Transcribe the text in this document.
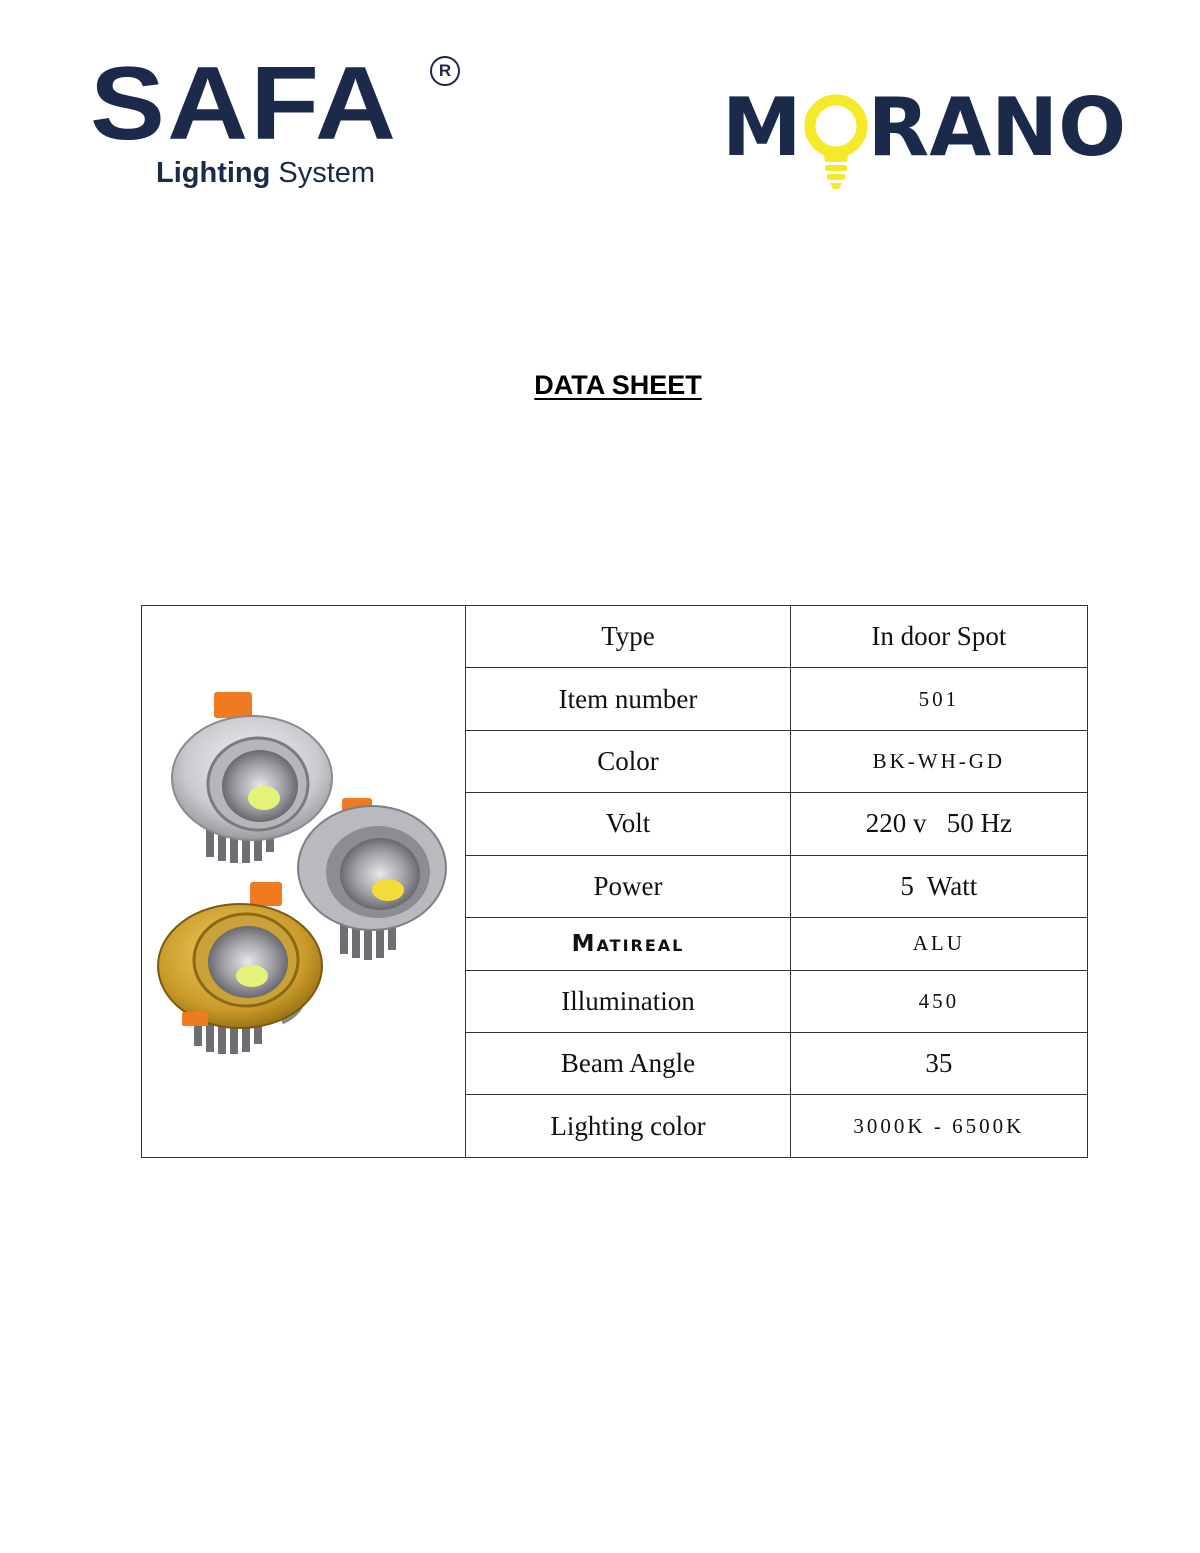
SAFA	R
Lighting System	M RANO
DATA SHEET
	Type	In door Spot
	Item number	501
	Color	BK-WH-GD
	Volt	220 v   50 Hz
	Power	5  Watt
	Matireal	ALU
	Illumination	450
	Beam Angle	35
	Lighting color	3000K - 6500K
